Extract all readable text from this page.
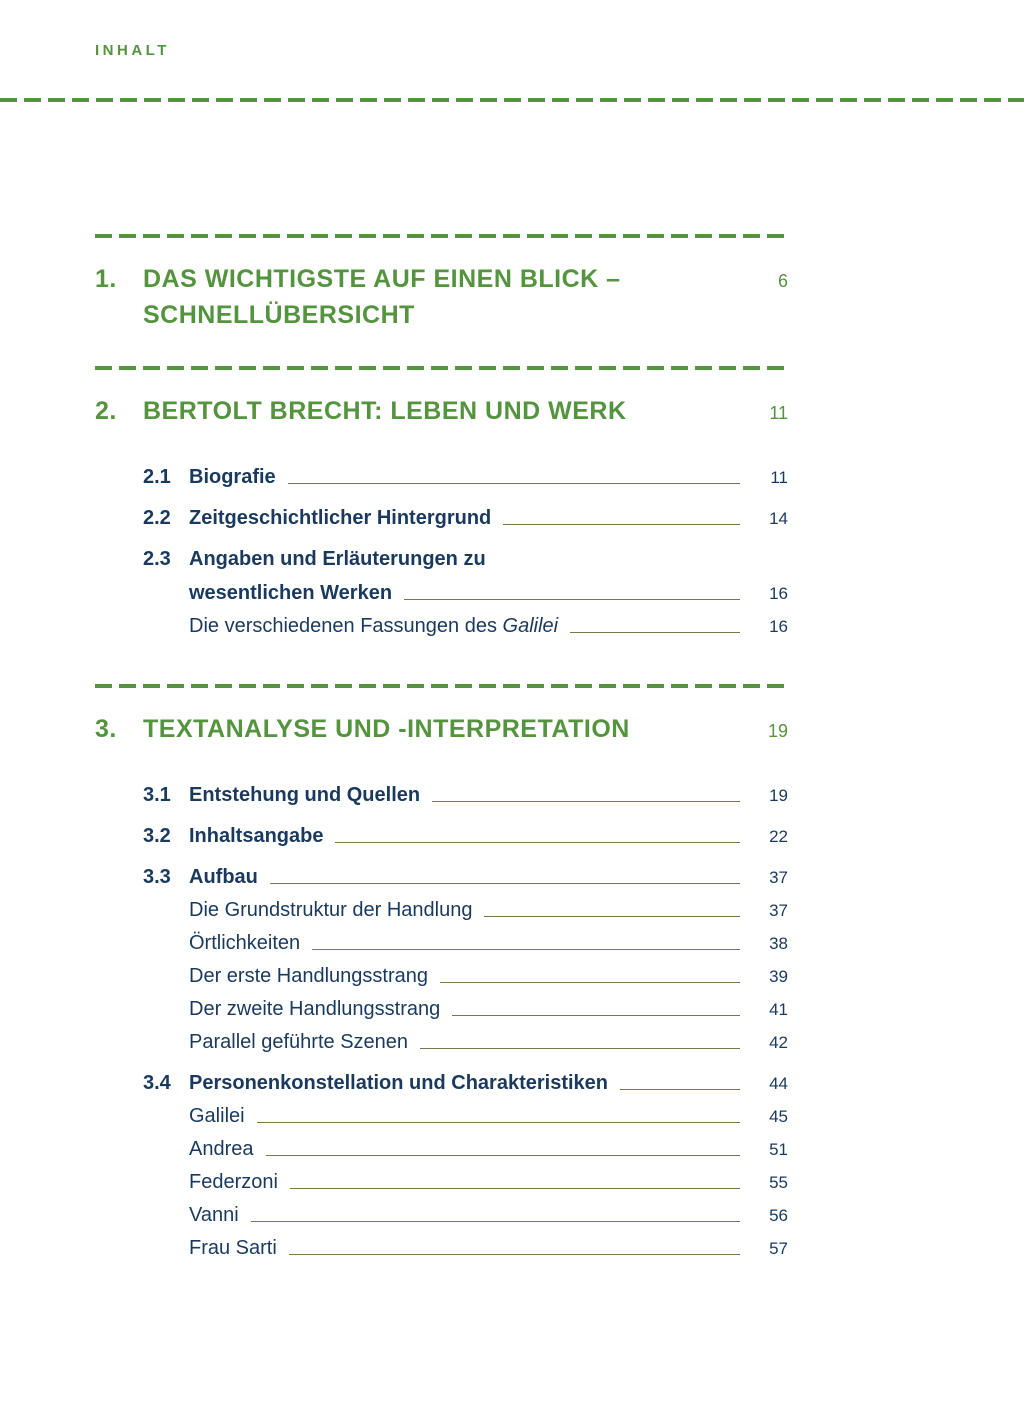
INHALT
1.	DAS WICHTIGSTE AUF EINEN BLICK –	6
SCHNELLÜBERSICHT
2.	BERTOLT BRECHT: LEBEN UND WERK	11
2.1 Biografie	11
2.2 Zeitgeschichtlicher Hintergrund	14
2.3 Angaben und Erläuterungen zu
wesentlichen Werken	16
Die verschiedenen Fassungen des Galilei	16
3.	TEXTANALYSE UND -INTERPRETATION	19
3.1 Entstehung und Quellen	19
3.2 Inhaltsangabe	22
3.3 Aufbau	37
Die Grundstruktur der Handlung	37
Örtlichkeiten	38
Der erste Handlungsstrang	39
Der zweite Handlungsstrang	41
Parallel geführte Szenen	42
3.4 Personenkonstellation und Charakteristiken	44
Galilei	45
Andrea	51
Federzoni	55
Vanni	56
Frau Sarti	57
